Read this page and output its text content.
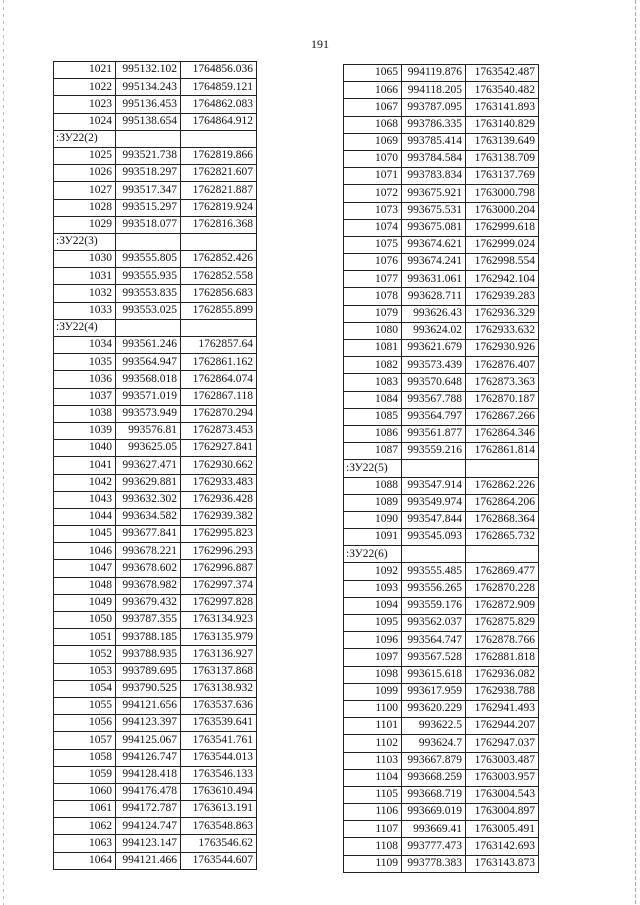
191
1021	995132.102	1764856.036
1022	995134.243	1764859.121
1023	995136.453	1764862.083
1024	995138.654	1764864.912
:ЗУ22(2)		
1025	993521.738	1762819.866
1026	993518.297	1762821.607
1027	993517.347	1762821.887
1028	993515.297	1762819.924
1029	993518.077	1762816.368
:ЗУ22(3)		
1030	993555.805	1762852.426
1031	993555.935	1762852.558
1032	993553.835	1762856.683
1033	993553.025	1762855.899
:ЗУ22(4)		
1034	993561.246	1762857.64
1035	993564.947	1762861.162
1036	993568.018	1762864.074
1037	993571.019	1762867.118
1038	993573.949	1762870.294
1039	993576.81	1762873.453
1040	993625.05	1762927.841
1041	993627.471	1762930.662
1042	993629.881	1762933.483
1043	993632.302	1762936.428
1044	993634.582	1762939.382
1045	993677.841	1762995.823
1046	993678.221	1762996.293
1047	993678.602	1762996.887
1048	993678.982	1762997.374
1049	993679.432	1762997.828
1050	993787.355	1763134.923
1051	993788.185	1763135.979
1052	993788.935	1763136.927
1053	993789.695	1763137.868
1054	993790.525	1763138.932
1055	994121.656	1763537.636
1056	994123.397	1763539.641
1057	994125.067	1763541.761
1058	994126.747	1763544.013
1059	994128.418	1763546.133
1060	994176.478	1763610.494
1061	994172.787	1763613.191
1062	994124.747	1763548.863
1063	994123.147	1763546.62
1064	994121.466	1763544.607
1065	994119.876	1763542.487
1066	994118.205	1763540.482
1067	993787.095	1763141.893
1068	993786.335	1763140.829
1069	993785.414	1763139.649
1070	993784.584	1763138.709
1071	993783.834	1763137.769
1072	993675.921	1763000.798
1073	993675.531	1763000.204
1074	993675.081	1762999.618
1075	993674.621	1762999.024
1076	993674.241	1762998.554
1077	993631.061	1762942.104
1078	993628.711	1762939.283
1079	993626.43	1762936.329
1080	993624.02	1762933.632
1081	993621.679	1762930.926
1082	993573.439	1762876.407
1083	993570.648	1762873.363
1084	993567.788	1762870.187
1085	993564.797	1762867.266
1086	993561.877	1762864.346
1087	993559.216	1762861.814
:ЗУ22(5)		
1088	993547.914	1762862.226
1089	993549.974	1762864.206
1090	993547.844	1762868.364
1091	993545.093	1762865.732
:ЗУ22(6)		
1092	993555.485	1762869.477
1093	993556.265	1762870.228
1094	993559.176	1762872.909
1095	993562.037	1762875.829
1096	993564.747	1762878.766
1097	993567.528	1762881.818
1098	993615.618	1762936.082
1099	993617.959	1762938.788
1100	993620.229	1762941.493
1101	993622.5	1762944.207
1102	993624.7	1762947.037
1103	993667.879	1763003.487
1104	993668.259	1763003.957
1105	993668.719	1763004.543
1106	993669.019	1763004.897
1107	993669.41	1763005.491
1108	993777.473	1763142.693
1109	993778.383	1763143.873
